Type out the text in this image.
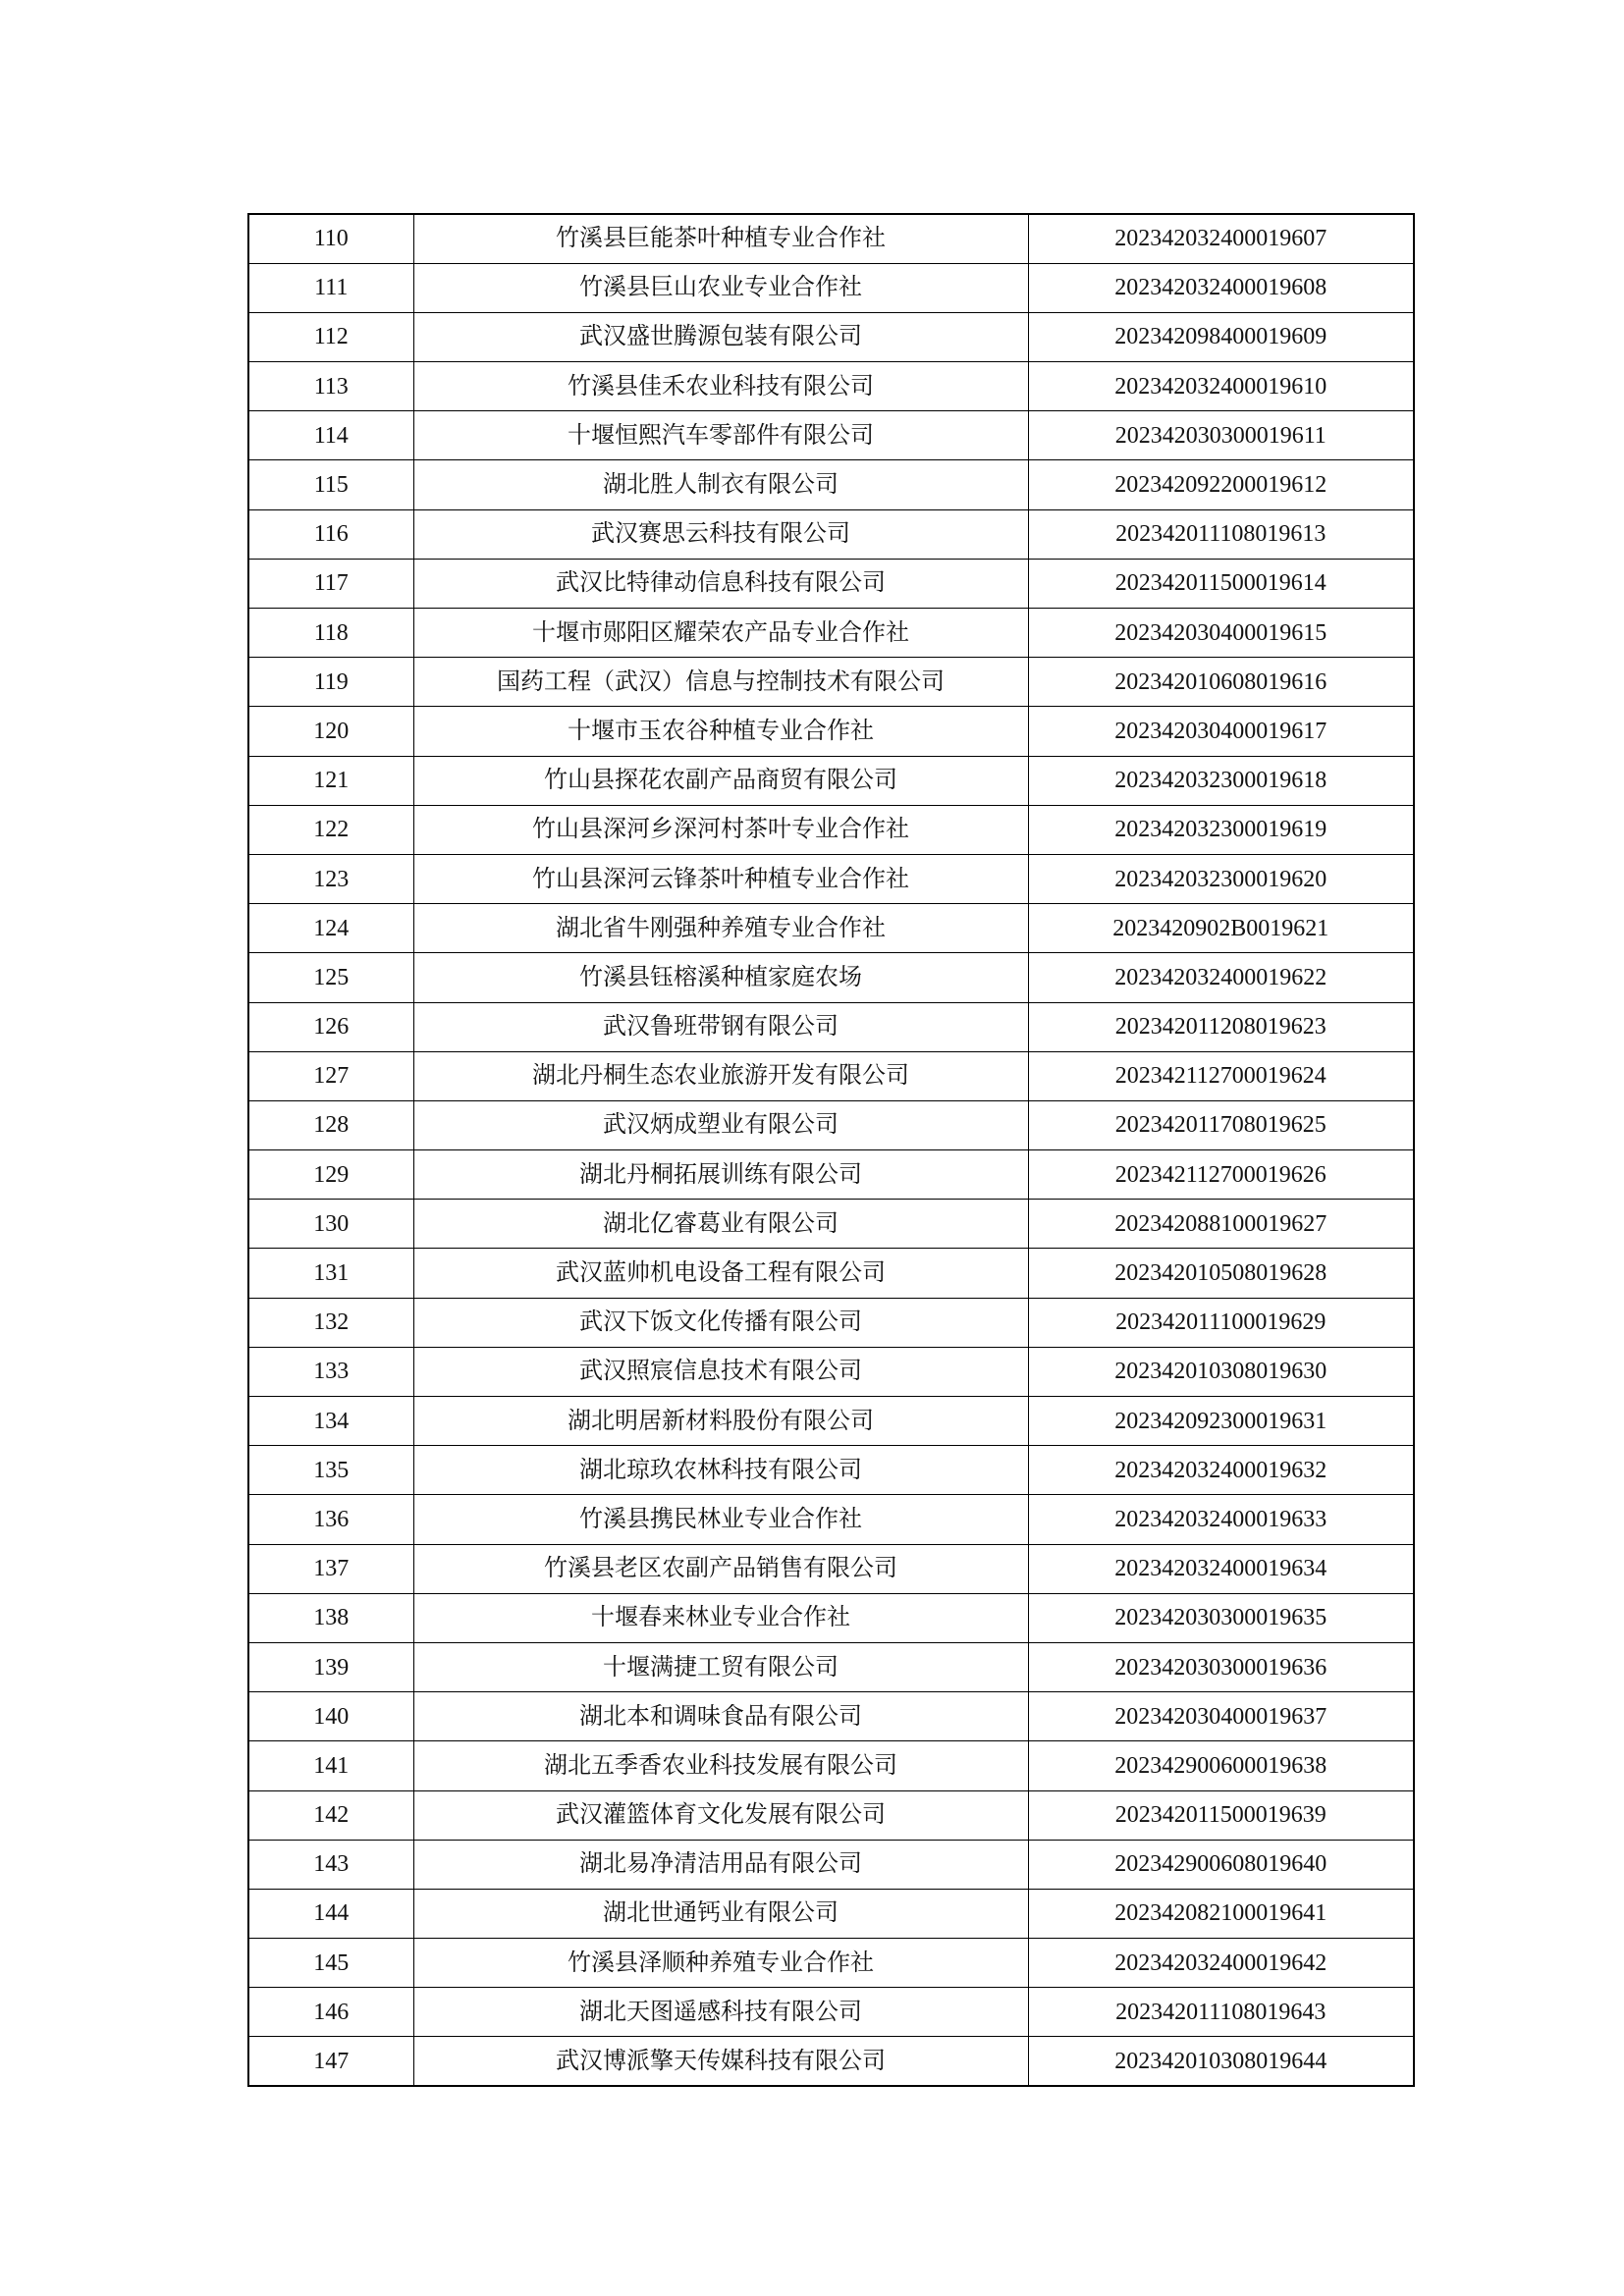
110	竹溪县巨能茶叶种植专业合作社	202342032400019607
111	竹溪县巨山农业专业合作社	202342032400019608
112	武汉盛世腾源包装有限公司	202342098400019609
113	竹溪县佳禾农业科技有限公司	202342032400019610
114	十堰恒熙汽车零部件有限公司	202342030300019611
115	湖北胜人制衣有限公司	202342092200019612
116	武汉赛思云科技有限公司	202342011108019613
117	武汉比特律动信息科技有限公司	202342011500019614
118	十堰市郧阳区耀荣农产品专业合作社	202342030400019615
119	国药工程（武汉）信息与控制技术有限公司	202342010608019616
120	十堰市玉农谷种植专业合作社	202342030400019617
121	竹山县探花农副产品商贸有限公司	202342032300019618
122	竹山县深河乡深河村茶叶专业合作社	202342032300019619
123	竹山县深河云锋茶叶种植专业合作社	202342032300019620
124	湖北省牛刚强种养殖专业合作社	2023420902B0019621
125	竹溪县钰榕溪种植家庭农场	202342032400019622
126	武汉鲁班带钢有限公司	202342011208019623
127	湖北丹桐生态农业旅游开发有限公司	202342112700019624
128	武汉炳成塑业有限公司	202342011708019625
129	湖北丹桐拓展训练有限公司	202342112700019626
130	湖北亿睿葛业有限公司	202342088100019627
131	武汉蓝帅机电设备工程有限公司	202342010508019628
132	武汉下饭文化传播有限公司	202342011100019629
133	武汉照宸信息技术有限公司	202342010308019630
134	湖北明居新材料股份有限公司	202342092300019631
135	湖北琼玖农林科技有限公司	202342032400019632
136	竹溪县携民林业专业合作社	202342032400019633
137	竹溪县老区农副产品销售有限公司	202342032400019634
138	十堰春来林业专业合作社	202342030300019635
139	十堰满捷工贸有限公司	202342030300019636
140	湖北本和调味食品有限公司	202342030400019637
141	湖北五季香农业科技发展有限公司	202342900600019638
142	武汉灌篮体育文化发展有限公司	202342011500019639
143	湖北易净清洁用品有限公司	202342900608019640
144	湖北世通钙业有限公司	202342082100019641
145	竹溪县泽顺种养殖专业合作社	202342032400019642
146	湖北天图遥感科技有限公司	202342011108019643
147	武汉博派擎天传媒科技有限公司	202342010308019644
